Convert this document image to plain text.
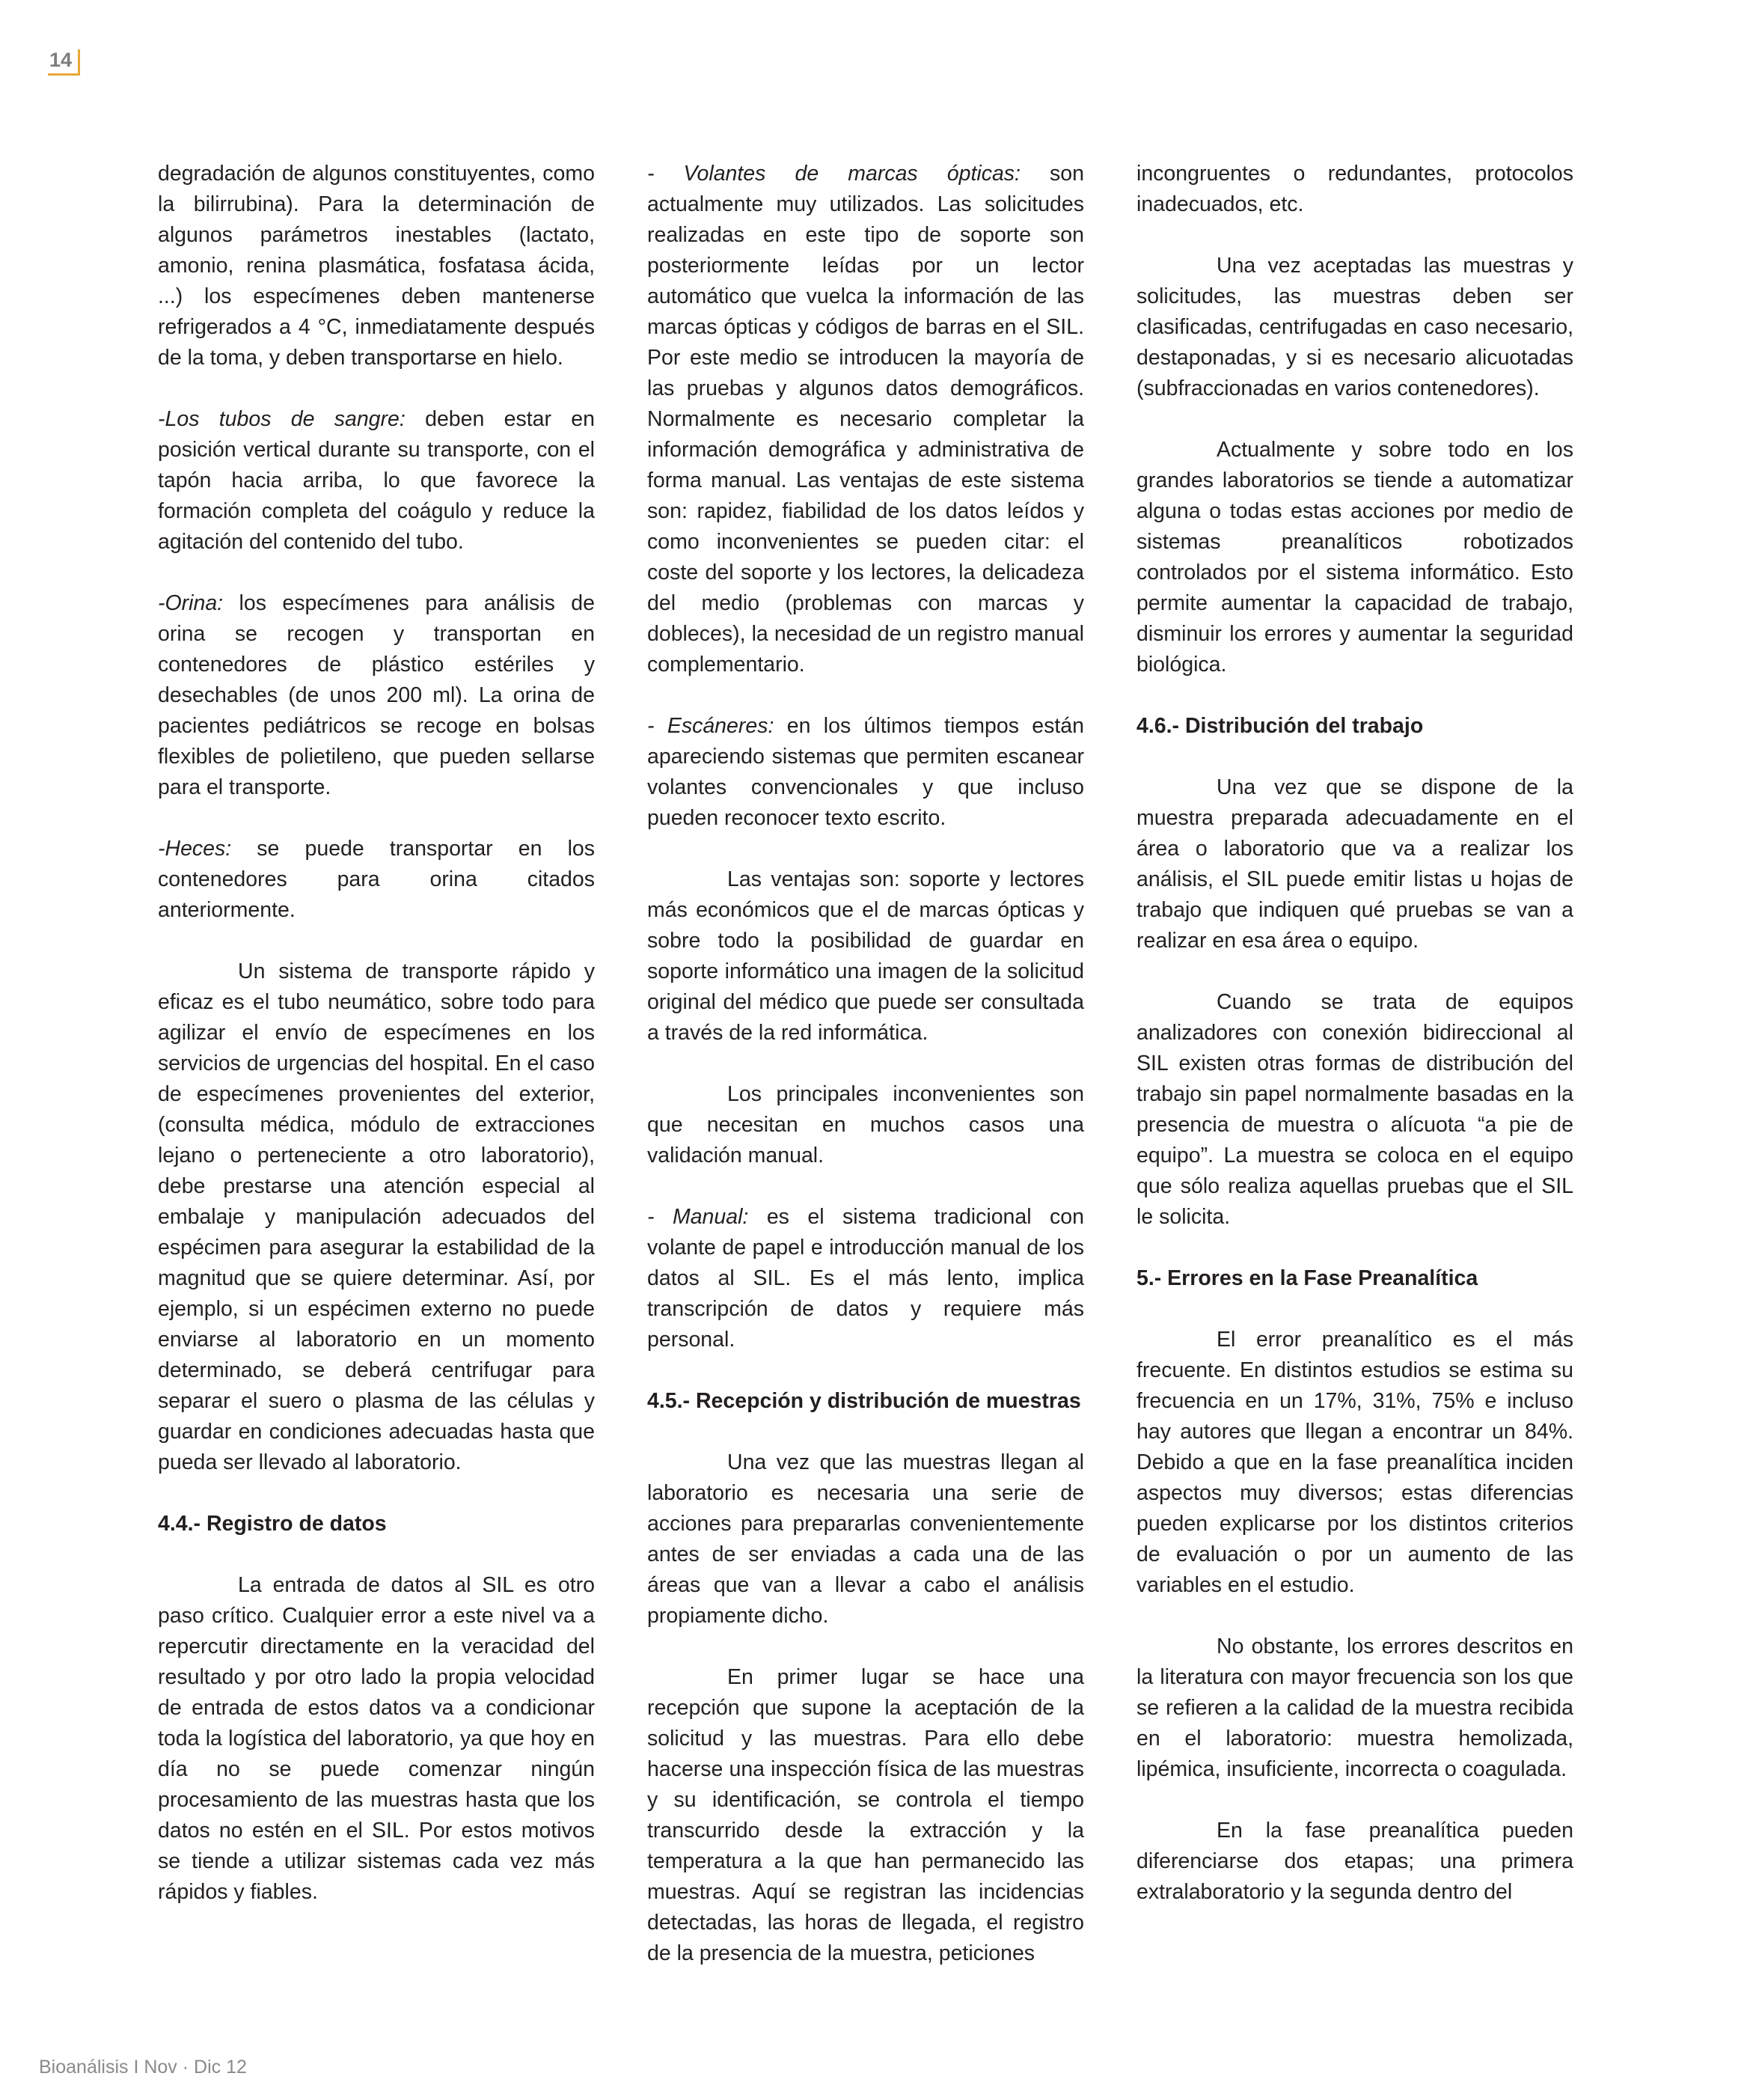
14

degradación de algunos constituyentes, como la bilirrubina). Para la determinación de algunos parámetros inestables (lactato, amonio, renina plasmática, fosfatasa ácida, ...) los especímenes deben mantenerse refrigerados a 4 °C, inmediatamente después de la toma, y deben transportarse en hielo.

-Los tubos de sangre: deben estar en posición vertical durante su transporte, con el tapón hacia arriba, lo que favorece la formación completa del coágulo y reduce la agitación del contenido del tubo.

-Orina: los especímenes para análisis de orina se recogen y transportan en contenedores de plástico estériles y desechables (de unos 200 ml). La orina de pacientes pediátricos se recoge en bolsas flexibles de polietileno, que pueden sellarse para el transporte.

-Heces: se puede transportar en los contenedores para orina citados anteriormente.

Un sistema de transporte rápido y eficaz es el tubo neumático, sobre todo para agilizar el envío de especímenes en los servicios de urgencias del hospital. En el caso de especímenes provenientes del exterior, (consulta médica, módulo de extracciones lejano o perteneciente a otro laboratorio), debe prestarse una atención especial al embalaje y manipulación adecuados del espécimen para asegurar la estabilidad de la magnitud que se quiere determinar. Así, por ejemplo, si un espécimen externo no puede enviarse al laboratorio en un momento determinado, se deberá centrifugar para separar el suero o plasma de las células y guardar en condiciones adecuadas hasta que pueda ser llevado al laboratorio.

4.4.- Registro de datos

La entrada de datos al SIL es otro paso crítico. Cualquier error a este nivel va a repercutir directamente en la veracidad del resultado y por otro lado la propia velocidad de entrada de estos datos va a condicionar toda la logística del laboratorio, ya que hoy en día no se puede comenzar ningún procesamiento de las muestras hasta que los datos no estén en el SIL. Por estos motivos se tiende a utilizar sistemas cada vez más rápidos y fiables.

- Volantes de marcas ópticas: son actualmente muy utilizados. Las solicitudes realizadas en este tipo de soporte son posteriormente leídas por un lector automático que vuelca la información de las marcas ópticas y códigos de barras en el SIL. Por este medio se introducen la mayoría de las pruebas y algunos datos demográficos. Normalmente es necesario completar la información demográfica y administrativa de forma manual. Las ventajas de este sistema son: rapidez, fiabilidad de los datos leídos y como inconvenientes se pueden citar: el coste del soporte y los lectores, la delicadeza del medio (problemas con marcas y dobleces), la necesidad de un registro manual complementario.

- Escáneres: en los últimos tiempos están apareciendo sistemas que permiten escanear volantes convencionales y que incluso pueden reconocer texto escrito.

Las ventajas son: soporte y lectores más económicos que el de marcas ópticas y sobre todo la posibilidad de guardar en soporte informático una imagen de la solicitud original del médico que puede ser consultada a través de la red informática.

Los principales inconvenientes son que necesitan en muchos casos una validación manual.

- Manual: es el sistema tradicional con volante de papel e introducción manual de los datos al SIL. Es el más lento, implica transcripción de datos y requiere más personal.

4.5.- Recepción y distribución de muestras

Una vez que las muestras llegan al laboratorio es necesaria una serie de acciones para prepararlas convenientemente antes de ser enviadas a cada una de las áreas que van a llevar a cabo el análisis propiamente dicho.

En primer lugar se hace una recepción que supone la aceptación de la solicitud y las muestras. Para ello debe hacerse una inspección física de las muestras y su identificación, se controla el tiempo transcurrido desde la extracción y la temperatura a la que han permanecido las muestras. Aquí se registran las incidencias detectadas, las horas de llegada, el registro de la presencia de la muestra, peticiones

incongruentes o redundantes, protocolos inadecuados, etc.

Una vez aceptadas las muestras y solicitudes, las muestras deben ser clasificadas, centrifugadas en caso necesario, destaponadas, y si es necesario alicuotadas (subfraccionadas en varios contenedores).

Actualmente y sobre todo en los grandes laboratorios se tiende a automatizar alguna o todas estas acciones por medio de sistemas preanalíticos robotizados controlados por el sistema informático. Esto permite aumentar la capacidad de trabajo, disminuir los errores y aumentar la seguridad biológica.

4.6.- Distribución del trabajo

Una vez que se dispone de la muestra preparada adecuadamente en el área o laboratorio que va a realizar los análisis, el SIL puede emitir listas u hojas de trabajo que indiquen qué pruebas se van a realizar en esa área o equipo.

Cuando se trata de equipos analizadores con conexión bidireccional al SIL existen otras formas de distribución del trabajo sin papel normalmente basadas en la presencia de muestra o alícuota “a pie de equipo”. La muestra se coloca en el equipo que sólo realiza aquellas pruebas que el SIL le solicita.

5.- Errores en la Fase Preanalítica

El error preanalítico es el más frecuente. En distintos estudios se estima su frecuencia en un 17%, 31%, 75% e incluso hay autores que llegan a encontrar un 84%. Debido a que en la fase preanalítica inciden aspectos muy diversos; estas diferencias pueden explicarse por los distintos criterios de evaluación o por un aumento de las variables en el estudio.

No obstante, los errores descritos en la literatura con mayor frecuencia son los que se refieren a la calidad de la muestra recibida en el laboratorio: muestra hemolizada, lipémica, insuficiente, incorrecta o coagulada.

En la fase preanalítica pueden diferenciarse dos etapas; una primera extralaboratorio y la segunda dentro del

Bioanálisis I Nov · Dic 12
